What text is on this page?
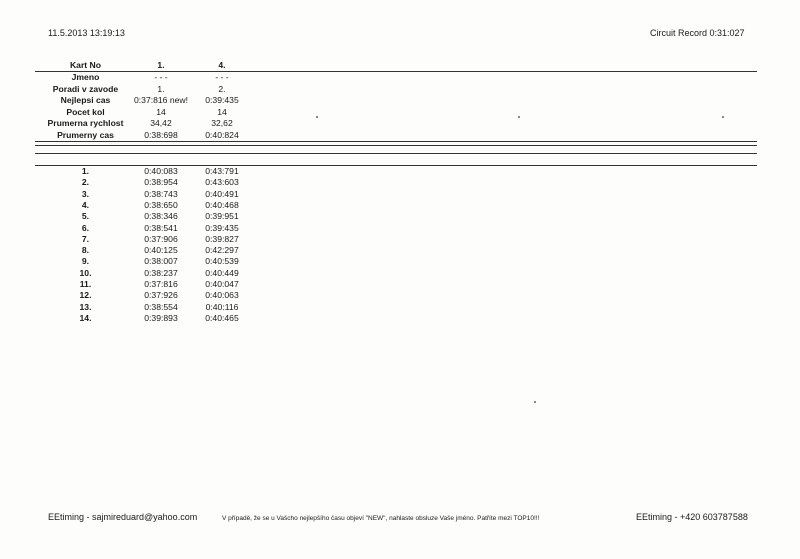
11.5.2013 13:19:13	Circuit Record 0:31:027
Kart No	1.	4.
Jmeno	- - -	- - -
Poradi v zavode	1.	2.
Nejlepsi cas	0:37:816 new!	0:39:435
Pocet kol	14	14
Prumerna rychlost	34,42	32,62
Prumerny cas	0:38:698	0:40:824
1.	0:40:083	0:43:791
2.	0:38:954	0:43:603
3.	0:38:743	0:40:491
4.	0:38:650	0:40:468
5.	0:38:346	0:39:951
6.	0:38:541	0:39:435
7.	0:37:906	0:39:827
8.	0:40:125	0:42:297
9.	0:38:007	0:40:539
10.	0:38:237	0:40:449
11.	0:37:816	0:40:047
12.	0:37:926	0:40:063
13.	0:38:554	0:40:116
14.	0:39:893	0:40:465
EEtiming - sajmireduard@yahoo.com	V případě, že se u Vašcho nejlepšího času objeví "NEW", nahlaste obsluze Vaše jméno. Patříte mezi TOP10!!!	EEtiming - +420 603787588
